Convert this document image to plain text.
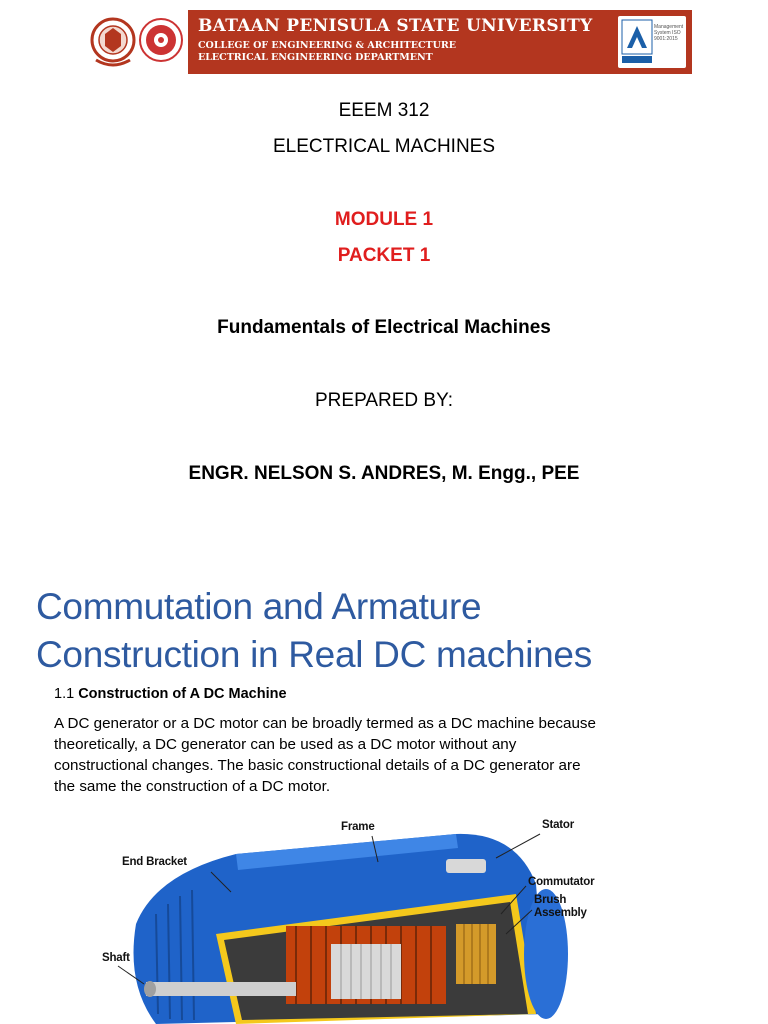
BATAAN PENISULA STATE UNIVERSITY
COLLEGE OF ENGINEERING & ARCHITECTURE
ELECTRICAL ENGINEERING DEPARTMENT
Management System ISO 9001:2015
EEEM 312
ELECTRICAL MACHINES
MODULE 1
PACKET 1
Fundamentals of Electrical Machines
PREPARED BY:
ENGR. NELSON S. ANDRES, M. Engg., PEE
Commutation and Armature
Construction in Real DC machines
1.1 Construction of A DC Machine
A DC generator or a DC motor can be broadly termed as a DC machine because
theoretically, a DC generator can be used as a DC motor without any
constructional changes. The basic constructional details of a DC generator are
the same the construction of a DC motor.
Frame	Stator
End Bracket
Commutator
Brush
Assembly
Shaft
